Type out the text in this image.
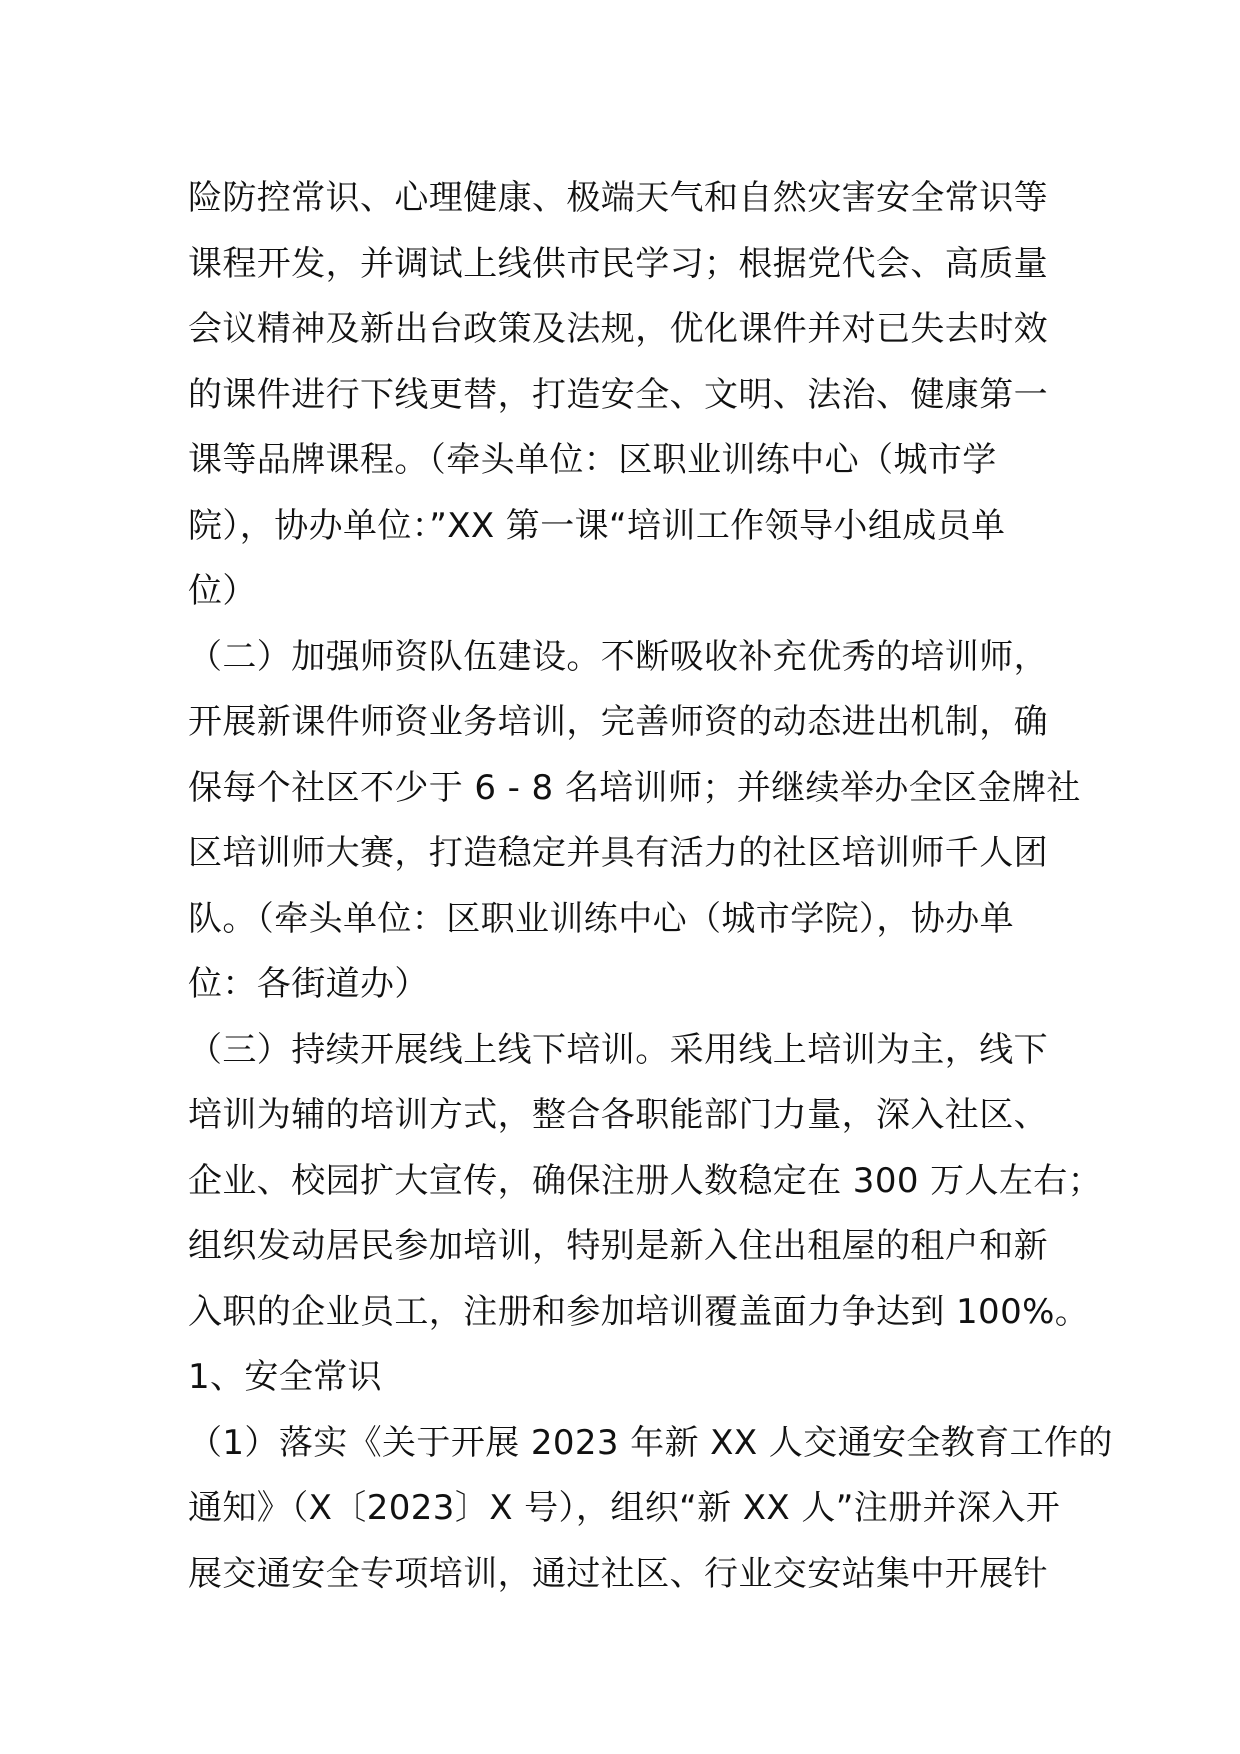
险防控常识、心理健康、极端天气和自然灾害安全常识等
课程开发，并调试上线供市民学习；根据党代会、高质量
会议精神及新出台政策及法规，优化课件并对已失去时效
的课件进行下线更替，打造安全、文明、法治、健康第一
课等品牌课程。（牵头单位：区职业训练中心（城市学
院），协办单位：”XX 第一课“培训工作领导小组成员单
位）
（二）加强师资队伍建设。不断吸收补充优秀的培训师，
开展新课件师资业务培训，完善师资的动态进出机制，确
保每个社区不少于 6 - 8 名培训师；并继续举办全区金牌社
区培训师大赛，打造稳定并具有活力的社区培训师千人团
队。（牵头单位：区职业训练中心（城市学院），协办单
位：各街道办）
（三）持续开展线上线下培训。采用线上培训为主，线下
培训为辅的培训方式，整合各职能部门力量，深入社区、
企业、校园扩大宣传，确保注册人数稳定在 300 万人左右；
组织发动居民参加培训，特别是新入住出租屋的租户和新
入职的企业员工，注册和参加培训覆盖面力争达到 100%。
1、安全常识
（1）落实《关于开展 2023 年新 XX 人交通安全教育工作的
通知》（X〔2023〕X 号），组织“新 XX 人”注册并深入开
展交通安全专项培训，通过社区、行业交安站集中开展针
